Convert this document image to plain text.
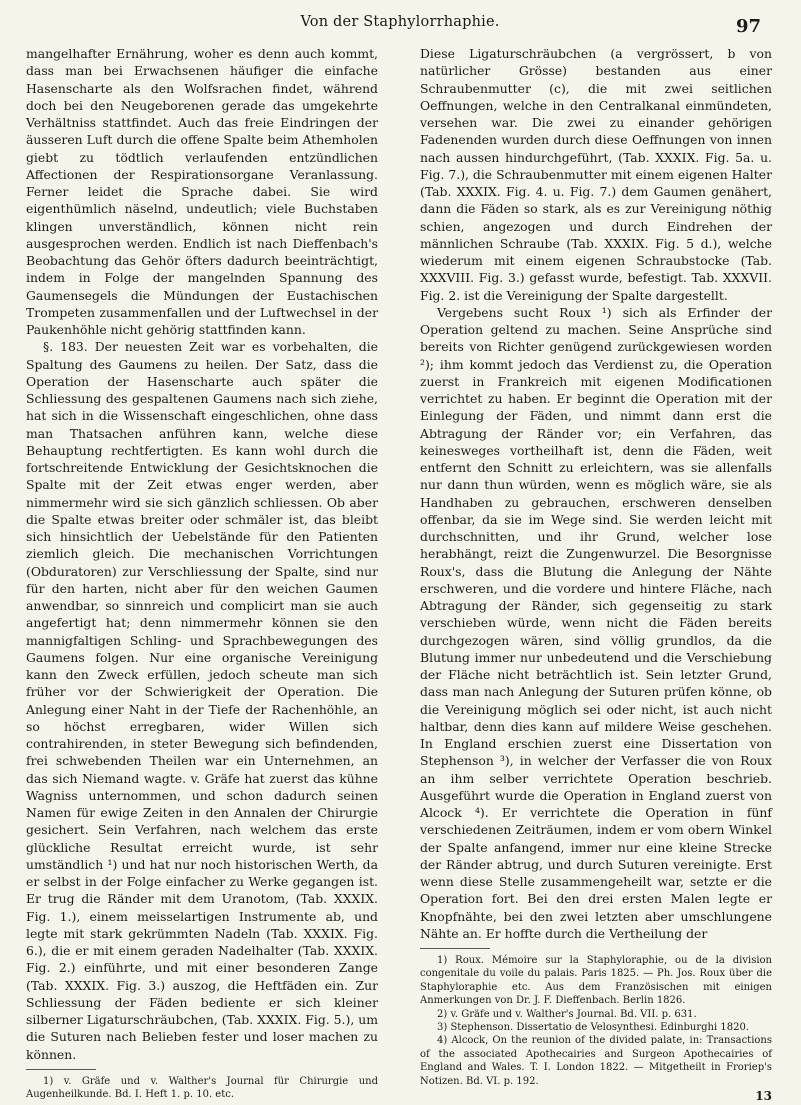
Von der Staphylorrhaphie.	97

mangelhafter Ernährung, woher es denn auch kommt, dass man bei Erwachsenen häufiger die einfache Hasenscharte als den Wolfsrachen findet, während doch bei den Neugeborenen gerade das umgekehrte Verhältniss stattfindet. Auch das freie Eindringen der äusseren Luft durch die offene Spalte beim Athemholen giebt zu tödtlich verlaufenden entzündlichen Affectionen der Respirationsorgane Veranlassung. Ferner leidet die Sprache dabei. Sie wird eigenthümlich näselnd, undeutlich; viele Buchstaben klingen unverständlich, können nicht rein ausgesprochen werden. Endlich ist nach Dieffenbach's Beobachtung das Gehör öfters dadurch beeinträchtigt, indem in Folge der mangelnden Spannung des Gaumensegels die Mündungen der Eustachischen Trompeten zusammenfallen und der Luftwechsel in der Paukenhöhle nicht gehörig stattfinden kann.

§. 183. Der neuesten Zeit war es vorbehalten, die Spaltung des Gaumens zu heilen. Der Satz, dass die Operation der Hasenscharte auch später die Schliessung des gespaltenen Gaumens nach sich ziehe, hat sich in die Wissenschaft eingeschlichen, ohne dass man Thatsachen anführen kann, welche diese Behauptung rechtfertigten. Es kann wohl durch die fortschreitende Entwicklung der Gesichtsknochen die Spalte mit der Zeit etwas enger werden, aber nimmermehr wird sie sich gänzlich schliessen. Ob aber die Spalte etwas breiter oder schmäler ist, das bleibt sich hinsichtlich der Uebelstände für den Patienten ziemlich gleich. Die mechanischen Vorrichtungen (Obduratoren) zur Verschliessung der Spalte, sind nur für den harten, nicht aber für den weichen Gaumen anwendbar, so sinnreich und complicirt man sie auch angefertigt hat; denn nimmermehr können sie den mannigfaltigen Schling- und Sprachbewegungen des Gaumens folgen. Nur eine organische Vereinigung kann den Zweck erfüllen, jedoch scheute man sich früher vor der Schwierigkeit der Operation. Die Anlegung einer Naht in der Tiefe der Rachenhöhle, an so höchst erregbaren, wider Willen sich contrahirenden, in steter Bewegung sich befindenden, frei schwebenden Theilen war ein Unternehmen, an das sich Niemand wagte. v. Gräfe hat zuerst das kühne Wagniss unternommen, und schon dadurch seinen Namen für ewige Zeiten in den Annalen der Chirurgie gesichert. Sein Verfahren, nach welchem das erste glückliche Resultat erreicht wurde, ist sehr umständlich ¹) und hat nur noch historischen Werth, da er selbst in der Folge einfacher zu Werke gegangen ist. Er trug die Ränder mit dem Uranotom, (Tab. XXXIX. Fig. 1.), einem meisselartigen Instrumente ab, und legte mit stark gekrümmten Nadeln (Tab. XXXIX. Fig. 6.), die er mit einem geraden Nadelhalter (Tab. XXXIX. Fig. 2.) einführte, und mit einer besonderen Zange (Tab. XXXIX. Fig. 3.) auszog, die Heftfäden ein. Zur Schliessung der Fäden bediente er sich kleiner silberner Ligaturschräubchen, (Tab. XXXIX. Fig. 5.), um die Suturen nach Belieben fester und loser machen zu können.

1) v. Gräfe und v. Walther's Journal für Chirurgie und Augenheilkunde. Bd. I. Heft 1. p. 10. etc.

Diese Ligaturschräubchen (a vergrössert, b von natürlicher Grösse) bestanden aus einer Schraubenmutter (c), die mit zwei seitlichen Oeffnungen, welche in den Centralkanal einmündeten, versehen war. Die zwei zu einander gehörigen Fadenenden wurden durch diese Oeffnungen von innen nach aussen hindurchgeführt, (Tab. XXXIX. Fig. 5a. u. Fig. 7.), die Schraubenmutter mit einem eigenen Halter (Tab. XXXIX. Fig. 4. u. Fig. 7.) dem Gaumen genähert, dann die Fäden so stark, als es zur Vereinigung nöthig schien, angezogen und durch Eindrehen der männlichen Schraube (Tab. XXXIX. Fig. 5 d.), welche wiederum mit einem eigenen Schraubstocke (Tab. XXXVIII. Fig. 3.) gefasst wurde, befestigt. Tab. XXXVII. Fig. 2. ist die Vereinigung der Spalte dargestellt.

Vergebens sucht Roux ¹) sich als Erfinder der Operation geltend zu machen. Seine Ansprüche sind bereits von Richter genügend zurückgewiesen worden ²); ihm kommt jedoch das Verdienst zu, die Operation zuerst in Frankreich mit eigenen Modificationen verrichtet zu haben. Er beginnt die Operation mit der Einlegung der Fäden, und nimmt dann erst die Abtragung der Ränder vor; ein Verfahren, das keinesweges vortheilhaft ist, denn die Fäden, weit entfernt den Schnitt zu erleichtern, was sie allenfalls nur dann thun würden, wenn es möglich wäre, sie als Handhaben zu gebrauchen, erschweren denselben offenbar, da sie im Wege sind. Sie werden leicht mit durchschnitten, und ihr Grund, welcher lose herabhängt, reizt die Zungenwurzel. Die Besorgnisse Roux's, dass die Blutung die Anlegung der Nähte erschweren, und die vordere und hintere Fläche, nach Abtragung der Ränder, sich gegenseitig zu stark verschieben würde, wenn nicht die Fäden bereits durchgezogen wären, sind völlig grundlos, da die Blutung immer nur unbedeutend und die Verschiebung der Fläche nicht beträchtlich ist. Sein letzter Grund, dass man nach Anlegung der Suturen prüfen könne, ob die Vereinigung möglich sei oder nicht, ist auch nicht haltbar, denn dies kann auf mildere Weise geschehen. In England erschien zuerst eine Dissertation von Stephenson ³), in welcher der Verfasser die von Roux an ihm selber verrichtete Operation beschrieb. Ausgeführt wurde die Operation in England zuerst von Alcock ⁴). Er verrichtete die Operation in fünf verschiedenen Zeiträumen, indem er vom obern Winkel der Spalte anfangend, immer nur eine kleine Strecke der Ränder abtrug, und durch Suturen vereinigte. Erst wenn diese Stelle zusammengeheilt war, setzte er die Operation fort. Bei den drei ersten Malen legte er Knopfnähte, bei den zwei letzten aber umschlungene Nähte an. Er hoffte durch die Vertheilung der

1) Roux. Mémoire sur la Staphyloraphie, ou de la division congenitale du voile du palais. Paris 1825. — Ph. Jos. Roux über die Staphyloraphie etc. Aus dem Französischen mit einigen Anmerkungen von Dr. J. F. Dieffenbach. Berlin 1826.

2) v. Gräfe und v. Walther's Journal. Bd. VII. p. 631.

3) Stephenson. Dissertatio de Velosynthesi. Edinburghi 1820.

4) Alcock, On the reunion of the divided palate, in: Transactions of the associated Apothecairies and Surgeon Apothecairies of England and Wales. T. I. London 1822. — Mitgetheilt in Froriep's Notizen. Bd. VI. p. 192.

13
